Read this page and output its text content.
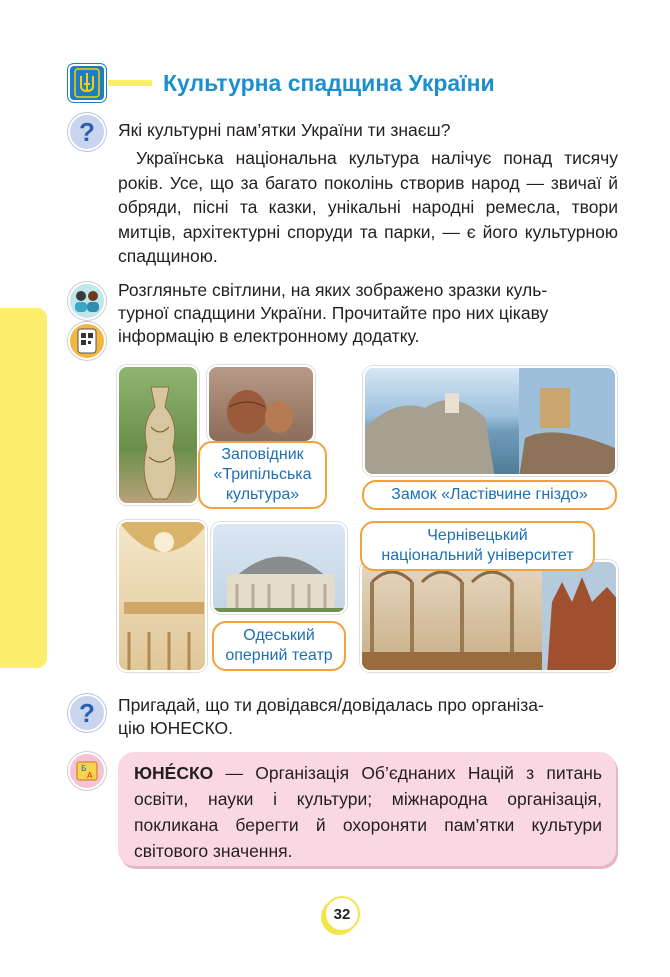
Культурна спадщина України
?	Які культурні пам’ятки України ти знаєш?
Українська національна культура налічує понад тисячу років. Усе, що за багато поколінь створив народ — звичаї й обряди, пісні та казки, унікальні народні ремесла, твори митців, архітектурні споруди та парки, — є його культурною спадщиною.
Розгляньте світлини, на яких зображено зразки куль-
турної спадщини України. Прочитайте про них цікаву
інформацію в електронному додатку.
Заповідник
«Трипільська
культура»	Замок «Ластівчине гніздо»
Одеський
оперний театр
Чернівецький
національний університет
?	Пригадай, що ти довідався/довідалась про організа-
цію ЮНЕСКО.
Б
А	ЮНÉСКО — Організація Об’єднаних Націй з питань освіти, науки і культури; міжнародна організація, покликана берегти й охороняти пам’ятки культури світового значення.
32
